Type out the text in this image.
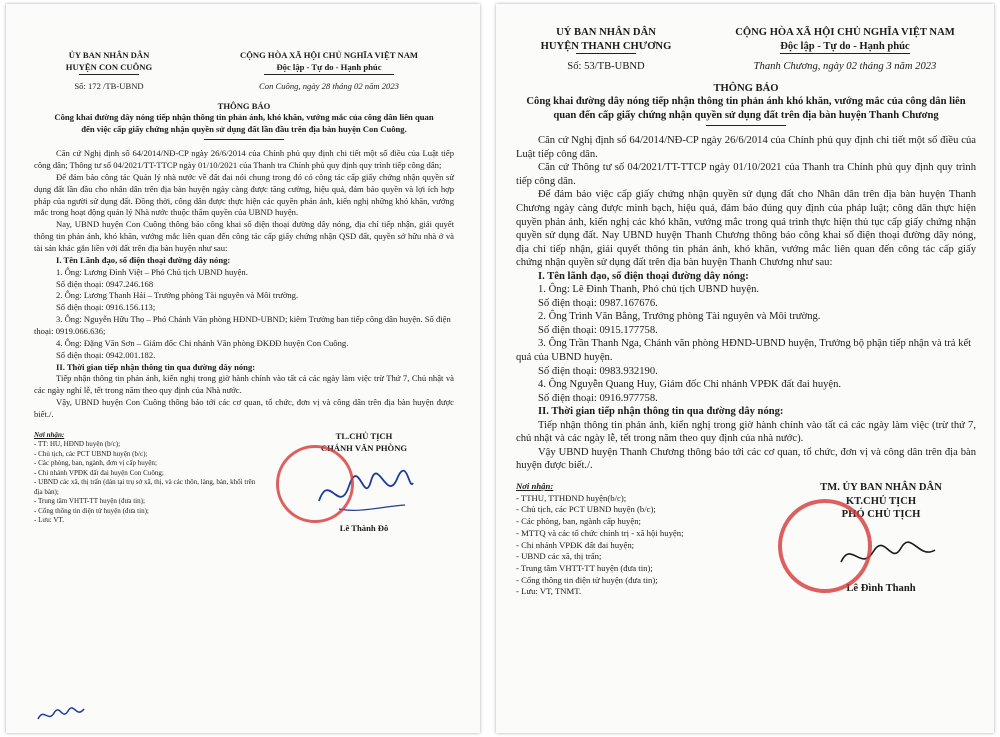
ỦY BAN NHÂN DÂN
HUYỆN CON CUÔNG
CỘNG HÒA XÃ HỘI CHỦ NGHĨA VIỆT NAM
Độc lập - Tự do - Hạnh phúc
Số: 172 /TB-UBND	Con Cuông, ngày 28 tháng 02 năm 2023
THÔNG BÁO
Công khai đường dây nóng tiếp nhận thông tin phản ánh, khó khăn, vướng mắc của công dân liên quan đến việc cấp giấy chứng nhận quyền sử dụng đất lần đầu trên địa bàn huyện Con Cuông.

Căn cứ Nghị định số 64/2014/NĐ-CP ngày 26/6/2014 của Chính phủ quy định chi tiết một số điều của Luật tiếp công dân; Thông tư số 04/2021/TT-TTCP ngày 01/10/2021 của Thanh tra Chính phủ quy định quy trình tiếp công dân;

Để đảm bảo công tác Quản lý nhà nước về đất đai nói chung trong đó có công tác cấp giấy chứng nhận quyền sử dụng đất lần đầu cho nhân dân trên địa bàn huyện ngày càng được tăng cường, hiệu quả, đảm bảo quyền và lợi ích hợp pháp của người sử dụng đất. Đồng thời, công dân được thực hiện các quyền phản ánh, kiến nghị những khó khăn, vướng mắc trong hoạt động quản lý Nhà nước thuộc thẩm quyền của UBND huyện.

Nay, UBND huyện Con Cuông thông báo công khai số điện thoại đường dây nóng, địa chỉ tiếp nhận, giải quyết thông tin phản ánh, khó khăn, vướng mắc liên quan đến công tác cấp giấy chứng nhận QSD đất, quyền sở hữu nhà ở và tài sản khác gắn liền với đất trên địa bàn huyện như sau:

I. Tên Lãnh đạo, số điện thoại đường dây nóng:

1. Ông: Lương Đình Việt – Phó Chủ tịch UBND huyện.

Số điện thoại: 0947.246.168

2. Ông: Lương Thanh Hải – Trưởng phòng Tài nguyên và Môi trường.

Số điện thoại: 0916.156.113;

3. Ông: Nguyễn Hữu Thọ – Phó Chánh Văn phòng HĐND-UBND; kiêm Trưởng ban tiếp công dân huyện. Số điện thoại: 0919.066.636;

4. Ông: Đặng Văn Sơn – Giám đốc Chi nhánh Văn phòng ĐKĐĐ huyện Con Cuông.

Số điện thoại: 0942.001.182.

II. Thời gian tiếp nhận thông tin qua đường dây nóng:

Tiếp nhận thông tin phản ánh, kiến nghị trong giờ hành chính vào tất cả các ngày làm việc trừ Thứ 7, Chủ nhật và các ngày nghỉ lễ, tết trong năm theo quy định của Nhà nước.

Vậy, UBND huyện Con Cuông thông báo tới các cơ quan, tổ chức, đơn vị và công dân trên địa bàn huyện được biết./.

Nơi nhận:
- TT: HU, HĐND huyện (b/c);
- Chủ tịch, các PCT UBND huyện (b/c);
- Các phòng, ban, ngành, đơn vị cấp huyện;
- Chi nhánh VPĐK đất đai huyện Con Cuông;
- UBND các xã, thị trấn (dán tại trụ sở xã, thị, và các thôn, làng, bản, khối trên địa bàn);
- Trung tâm VHTT-TT huyện (đưa tin);
- Cổng thông tin điện tử huyện (đưa tin);
- Lưu: VT.
TL.CHỦ TỊCH
CHÁNH VĂN PHÒNG
Lê Thành Đô
UỶ BAN NHÂN DÂN
HUYỆN THANH CHƯƠNG
CỘNG HÒA XÃ HỘI CHỦ NGHĨA VIỆT NAM
Độc lập - Tự do - Hạnh phúc
Số: 53/TB-UBND	Thanh Chương, ngày 02 tháng 3 năm 2023
THÔNG BÁO
Công khai đường dây nóng tiếp nhận thông tin phản ánh khó khăn, vướng mắc của công dân liên quan đến cấp giấy chứng nhận quyền sử dụng đất trên địa bàn huyện Thanh Chương

Căn cứ Nghị định số 64/2014/NĐ-CP ngày 26/6/2014 của Chính phủ quy định chi tiết một số điều của Luật tiếp công dân.

Căn cứ Thông tư số 04/2021/TT-TTCP ngày 01/10/2021 của Thanh tra Chính phủ quy định quy trình tiếp công dân.

Để đảm bảo việc cấp giấy chứng nhận quyền sử dụng đất cho Nhân dân trên địa bàn huyện Thanh Chương ngày càng được minh bạch, hiệu quả, đảm bảo đúng quy định của pháp luật; công dân thực hiện quyền phản ánh, kiến nghị các khó khăn, vướng mắc trong quá trình thực hiện thủ tục cấp giấy chứng nhận quyền sử dụng đất. Nay UBND huyện Thanh Chương thông báo công khai số điện thoại đường dây nóng, địa chỉ tiếp nhận, giải quyết thông tin phản ánh, khó khăn, vướng mắc liên quan đến công tác cấp giấy chứng nhận quyền sử dụng đất trên địa bàn huyện Thanh Chương như sau:

I. Tên lãnh đạo, số điện thoại đường dây nóng:

1. Ông: Lê Đình Thanh, Phó chủ tịch UBND huyện.

Số điện thoại: 0987.167676.

2. Ông Trình Văn Bằng, Trưởng phòng Tài nguyên và Môi trường.

Số điện thoại: 0915.177758.

3. Ông Trần Thanh Nga, Chánh văn phòng HĐND-UBND huyện, Trưởng bộ phận tiếp nhận và trả kết quả của UBND huyện.

Số điện thoại: 0983.932190.

4. Ông Nguyễn Quang Huy, Giám đốc Chi nhánh VPĐK đất đai huyện.

Số điện thoại: 0916.977758.

II. Thời gian tiếp nhận thông tin qua đường dây nóng:

Tiếp nhận thông tin phản ánh, kiến nghị trong giờ hành chính vào tất cả các ngày làm việc (trừ thứ 7, chủ nhật và các ngày lễ, tết trong năm theo quy định của nhà nước).

Vậy UBND huyện Thanh Chương thông báo tới các cơ quan, tổ chức, đơn vị và công dân trên địa bàn huyện được biết./.

Nơi nhận:
- TTHU, TTHĐND huyện(b/c);
- Chủ tịch, các PCT UBND huyện (b/c);
- Các phòng, ban, ngành cấp huyện;
- MTTQ và các tổ chức chính trị - xã hội huyện;
- Chi nhánh VPĐK đất đai huyện;
- UBND các xã, thị trấn;
- Trung tâm VHTT-TT huyện (đưa tin);
- Cổng thông tin điện tử huyện (đưa tin);
- Lưu: VT, TNMT.
TM. ỦY BAN NHÂN DÂN
KT.CHỦ TỊCH
PHÓ CHỦ TỊCH
Lê Đình Thanh
